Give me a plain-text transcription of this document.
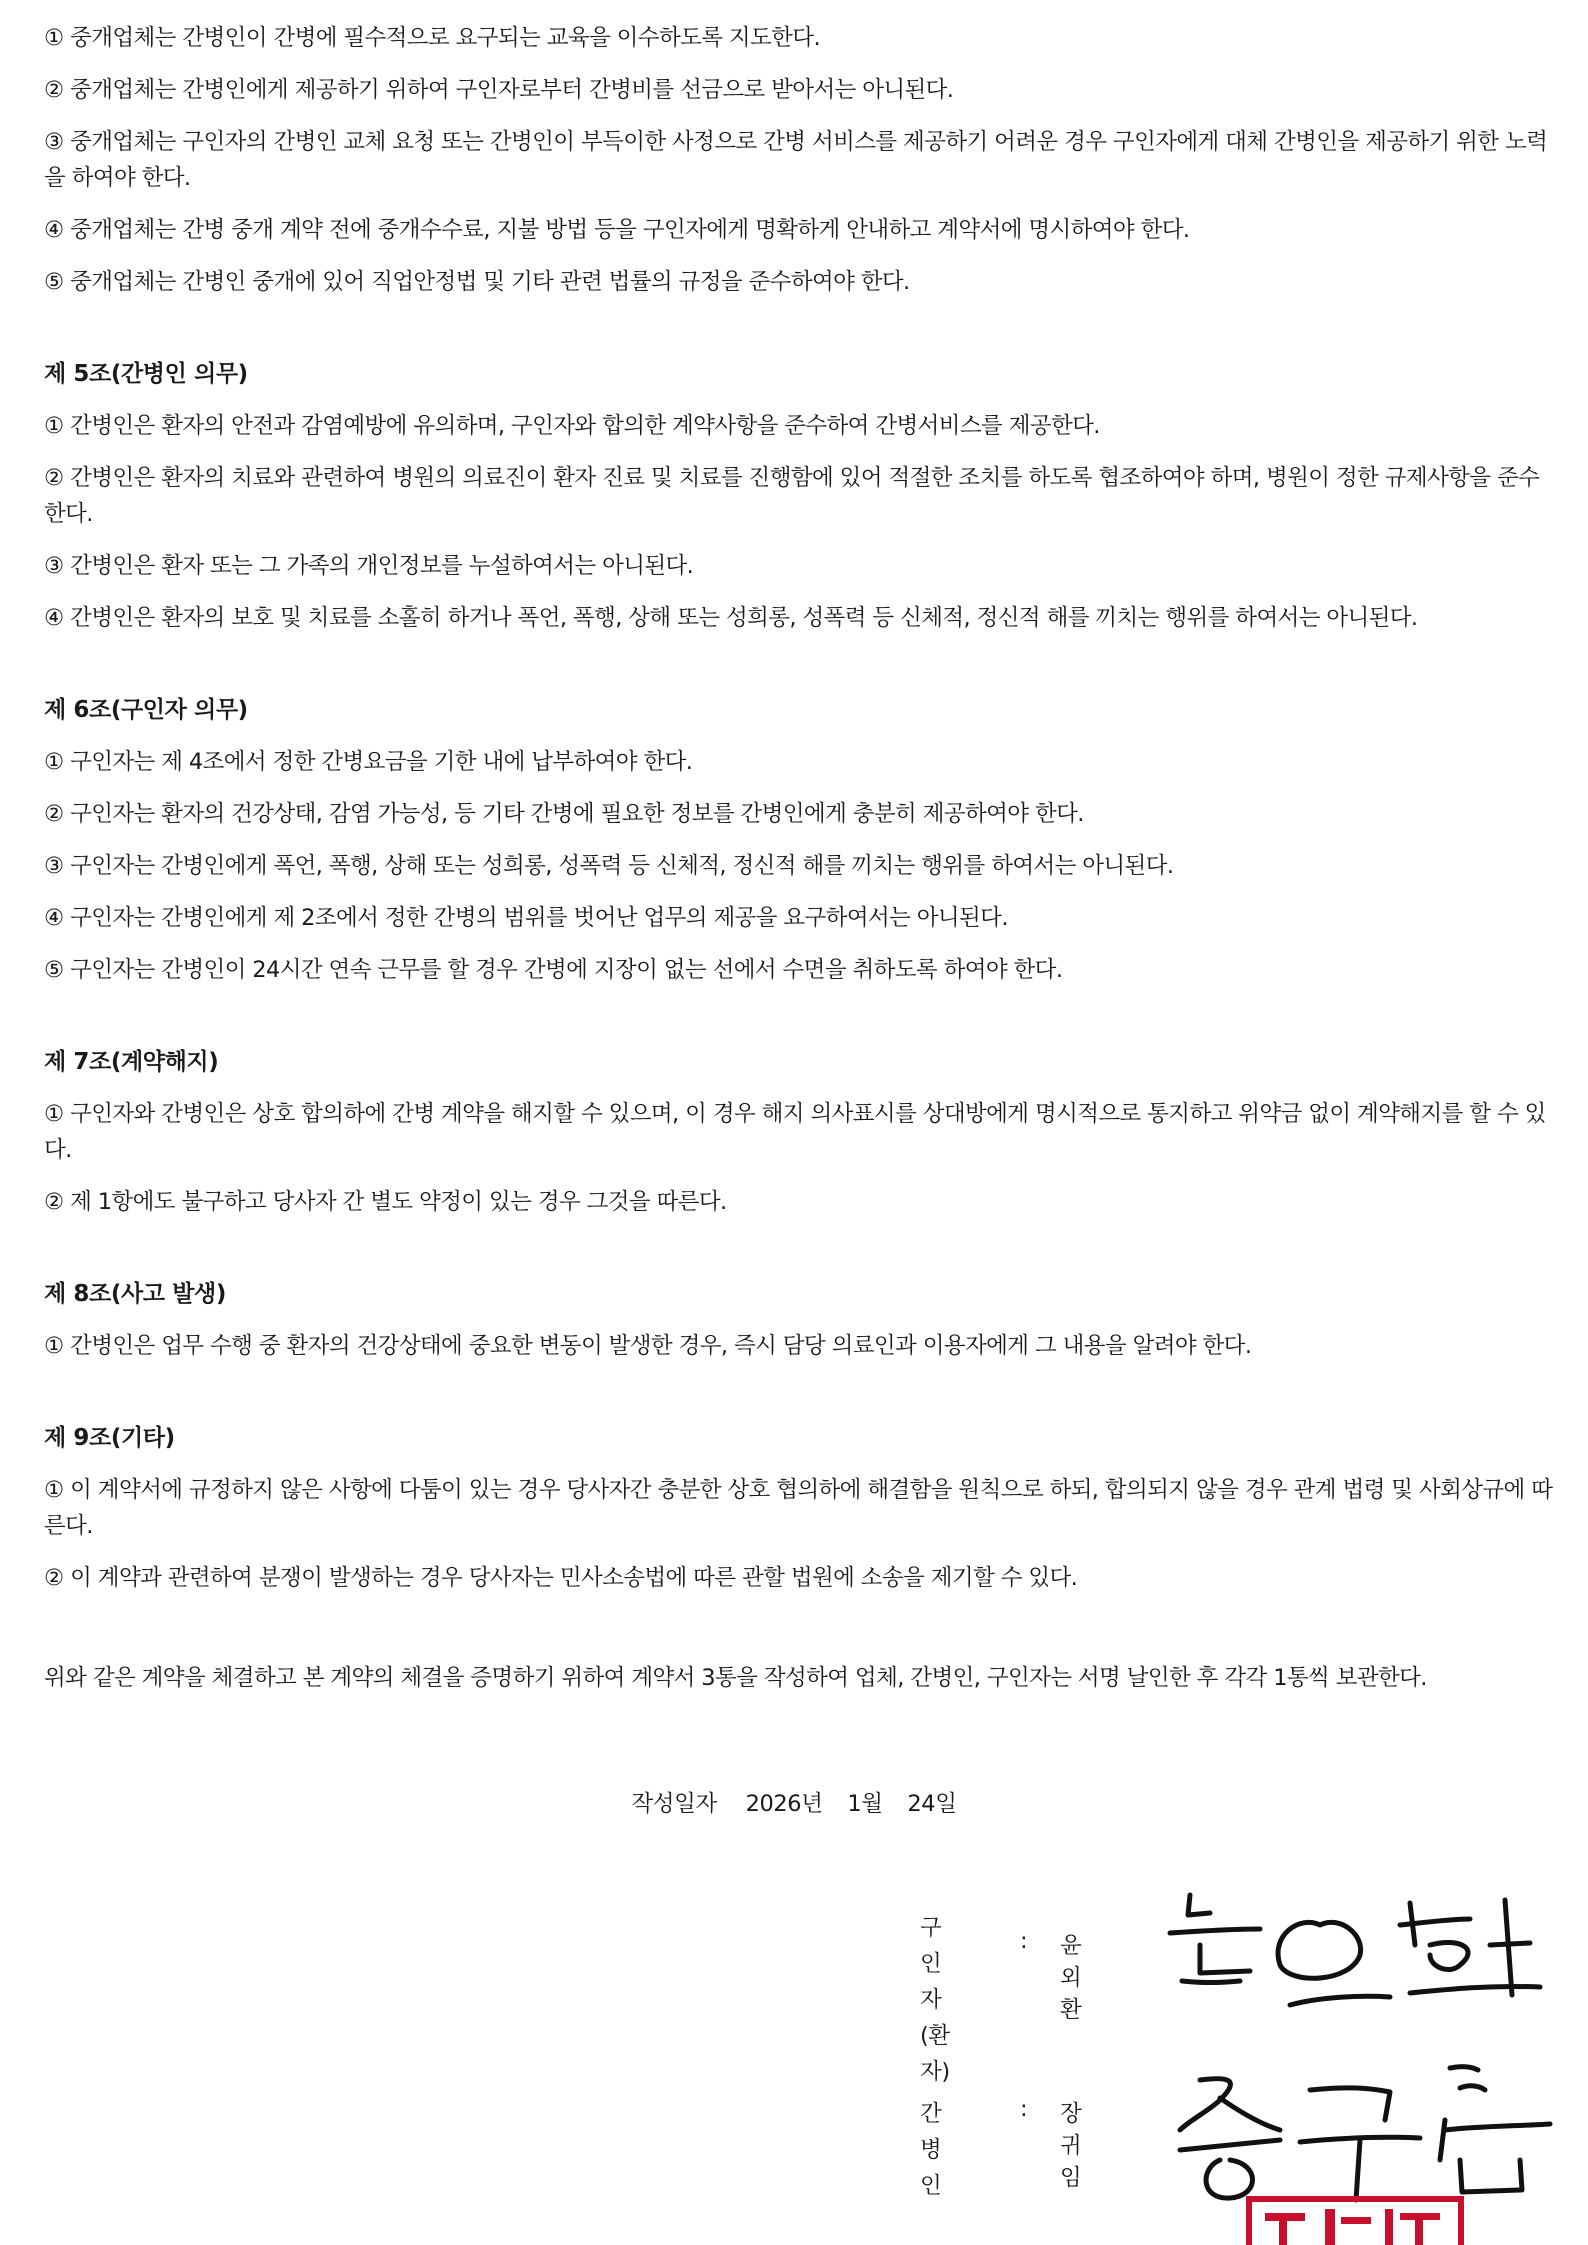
① 중개업체는 간병인이 간병에 필수적으로 요구되는 교육을 이수하도록 지도한다.

② 중개업체는 간병인에게 제공하기 위하여 구인자로부터 간병비를 선금으로 받아서는 아니된다.

③ 중개업체는 구인자의 간병인 교체 요청 또는 간병인이 부득이한 사정으로 간병 서비스를 제공하기 어려운 경우 구인자에게 대체 간병인을 제공하기 위한 노력을 하여야 한다.

④ 중개업체는 간병 중개 계약 전에 중개수수료, 지불 방법 등을 구인자에게 명확하게 안내하고 계약서에 명시하여야 한다.

⑤ 중개업체는 간병인 중개에 있어 직업안정법 및 기타 관련 법률의 규정을 준수하여야 한다.

제 5조(간병인 의무)

① 간병인은 환자의 안전과 감염예방에 유의하며, 구인자와 합의한 계약사항을 준수하여 간병서비스를 제공한다.

② 간병인은 환자의 치료와 관련하여 병원의 의료진이 환자 진료 및 치료를 진행함에 있어 적절한 조치를 하도록 협조하여야 하며, 병원이 정한 규제사항을 준수한다.

③ 간병인은 환자 또는 그 가족의 개인정보를 누설하여서는 아니된다.

④ 간병인은 환자의 보호 및 치료를 소홀히 하거나 폭언, 폭행, 상해 또는 성희롱, 성폭력 등 신체적, 정신적 해를 끼치는 행위를 하여서는 아니된다.

제 6조(구인자 의무)

① 구인자는 제 4조에서 정한 간병요금을 기한 내에 납부하여야 한다.

② 구인자는 환자의 건강상태, 감염 가능성, 등 기타 간병에 필요한 정보를 간병인에게 충분히 제공하여야 한다.

③ 구인자는 간병인에게 폭언, 폭행, 상해 또는 성희롱, 성폭력 등 신체적, 정신적 해를 끼치는 행위를 하여서는 아니된다.

④ 구인자는 간병인에게 제 2조에서 정한 간병의 범위를 벗어난 업무의 제공을 요구하여서는 아니된다.

⑤ 구인자는 간병인이 24시간 연속 근무를 할 경우 간병에 지장이 없는 선에서 수면을 취하도록 하여야 한다.

제 7조(계약해지)

① 구인자와 간병인은 상호 합의하에 간병 계약을 해지할 수 있으며, 이 경우 해지 의사표시를 상대방에게 명시적으로 통지하고 위약금 없이 계약해지를 할 수 있다.

② 제 1항에도 불구하고 당사자 간 별도 약정이 있는 경우 그것을 따른다.

제 8조(사고 발생)

① 간병인은 업무 수행 중 환자의 건강상태에 중요한 변동이 발생한 경우, 즉시 담당 의료인과 이용자에게 그 내용을 알려야 한다.

제 9조(기타)

① 이 계약서에 규정하지 않은 사항에 다툼이 있는 경우 당사자간 충분한 상호 협의하에 해결함을 원칙으로 하되, 합의되지 않을 경우 관계 법령 및 사회상규에 따른다.

② 이 계약과 관련하여 분쟁이 발생하는 경우 당사자는 민사소송법에 따른 관할 법원에 소송을 제기할 수 있다.

위와 같은 계약을 체결하고 본 계약의 체결을 증명하기 위하여 계약서 3통을 작성하여 업체, 간병인, 구인자는 서명 날인한 후 각각 1통씩 보관한다.

작성일자 2026년 1월 24일
구인자
(환자)
: 윤외환
간병인
: 장귀임
